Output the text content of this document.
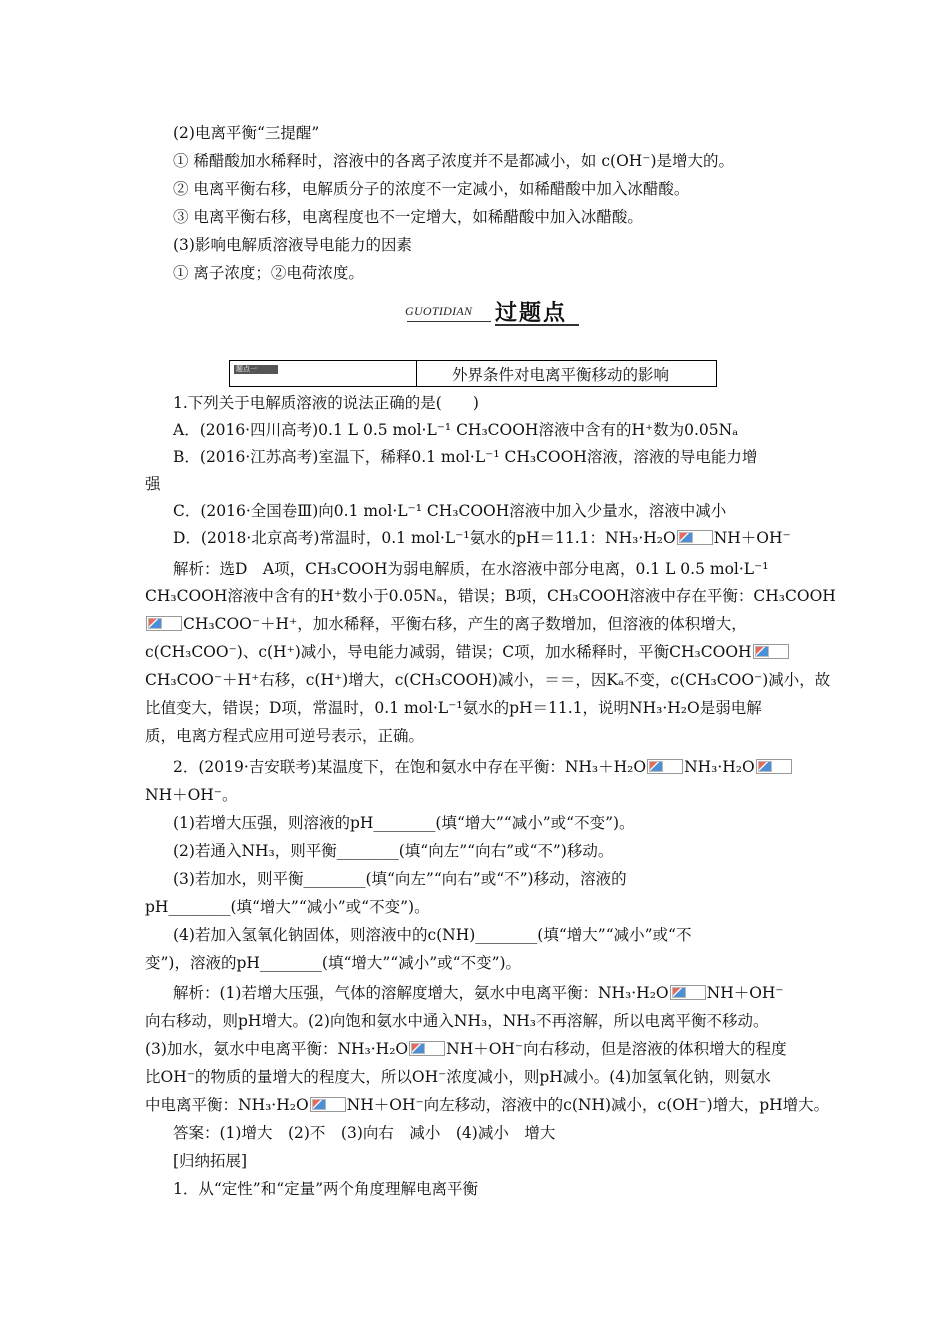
(2)电离平衡“三提醒”
① 稀醋酸加水稀释时，溶液中的各离子浓度并不是都减小，如 c(OH⁻)是增大的。
② 电离平衡右移，电解质分子的浓度不一定减小，如稀醋酸中加入冰醋酸。
③ 电离平衡右移，电离程度也不一定增大，如稀醋酸中加入冰醋酸。
(3)影响电解质溶液导电能力的因素
① 离子浓度；②电荷浓度。
GUOTIDIAN 过题点
题点一	外界条件对电离平衡移动的影响
1.下列关于电解质溶液的说法正确的是(　　)
A．(2016·四川高考)0.1 L 0.5 mol·L⁻¹ CH₃COOH溶液中含有的H⁺数为0.05Nₐ
B．(2016·江苏高考)室温下，稀释0.1 mol·L⁻¹ CH₃COOH溶液，溶液的导电能力增
强
C．(2016·全国卷Ⅲ)向0.1 mol·L⁻¹ CH₃COOH溶液中加入少量水，溶液中减小
D．(2018·北京高考)常温时，0.1 mol·L⁻¹氨水的pH＝11.1：NH₃·H₂O NH＋OH⁻
解析：选D　A项，CH₃COOH为弱电解质，在水溶液中部分电离，0.1 L 0.5 mol·L⁻¹
CH₃COOH溶液中含有的H⁺数小于0.05Nₐ，错误；B项，CH₃COOH溶液中存在平衡：CH₃COOH
CH₃COO⁻＋H⁺，加水稀释，平衡右移，产生的离子数增加，但溶液的体积增大，
c(CH₃COO⁻)、c(H⁺)减小，导电能力减弱，错误；C项，加水稀释时，平衡CH₃COOH
CH₃COO⁻＋H⁺右移，c(H⁺)增大，c(CH₃COOH)减小，＝＝，因Kₐ不变，c(CH₃COO⁻)减小，故
比值变大，错误；D项，常温时，0.1 mol·L⁻¹氨水的pH＝11.1，说明NH₃·H₂O是弱电解
质，电离方程式应用可逆号表示，正确。
2．(2019·吉安联考)某温度下，在饱和氨水中存在平衡：NH₃＋H₂O NH₃·H₂O
NH＋OH⁻。
(1)若增大压强，则溶液的pH________(填“增大”“减小”或“不变”)。
(2)若通入NH₃，则平衡________(填“向左”“向右”或“不”)移动。
(3)若加水，则平衡________(填“向左”“向右”或“不”)移动，溶液的
pH________(填“增大”“减小”或“不变”)。
(4)若加入氢氧化钠固体，则溶液中的c(NH)________(填“增大”“减小”或“不
变”)，溶液的pH________(填“增大”“减小”或“不变”)。
解析：(1)若增大压强，气体的溶解度增大，氨水中电离平衡：NH₃·H₂O NH＋OH⁻
向右移动，则pH增大。(2)向饱和氨水中通入NH₃，NH₃不再溶解，所以电离平衡不移动。
(3)加水，氨水中电离平衡：NH₃·H₂O NH＋OH⁻向右移动，但是溶液的体积增大的程度
比OH⁻的物质的量增大的程度大，所以OH⁻浓度减小，则pH减小。(4)加氢氧化钠，则氨水
中电离平衡：NH₃·H₂O NH＋OH⁻向左移动，溶液中的c(NH)减小，c(OH⁻)增大，pH增大。
答案：(1)增大　(2)不　(3)向右　减小　(4)减小　增大
[归纳拓展]
1．从“定性”和“定量”两个角度理解电离平衡
